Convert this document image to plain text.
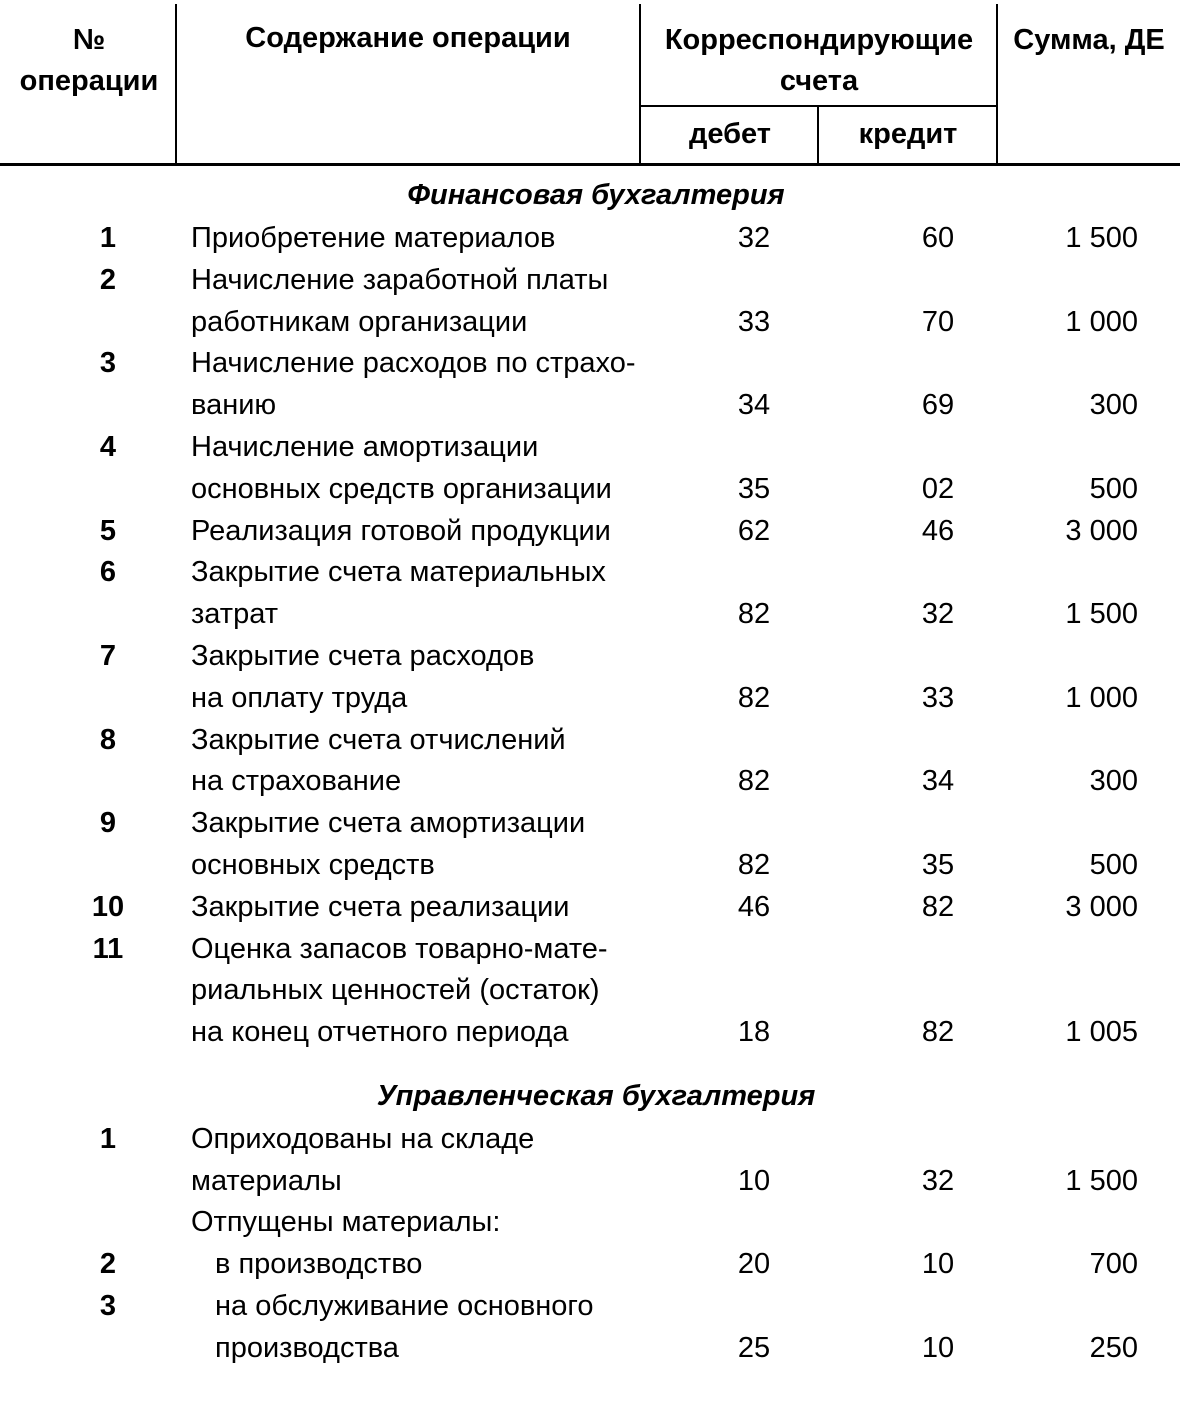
№
операции
Содержание операции	Корреспондирующие
счета
дебет	кредит
Сумма, ДЕ
Финансовая бухгалтерия
Управленческая бухгалтерия
1	Приобретение материалов	32	60	1 500
2	Начисление заработной платы
работникам организации	33	70	1 000
3	Начисление расходов по страхо-
ванию	34	69	300
4	Начисление амортизации
основных средств организации	35	02	500
5	Реализация готовой продукции	62	46	3 000
6	Закрытие счета материальных
затрат	82	32	1 500
7	Закрытие счета расходов
на оплату труда	82	33	1 000
8	Закрытие счета отчислений
на страхование	82	34	300
9	Закрытие счета амортизации
основных средств	82	35	500
10	Закрытие счета реализации	46	82	3 000
11	Оценка запасов товарно-мате-
риальных ценностей (остаток)
на конец отчетного периода	18	82	1 005
1	Оприходованы на складе
материалы	10	32	1 500
Отпущены материалы:
2	в производство	20	10	700
3	на обслуживание основного
производства	25	10	250
